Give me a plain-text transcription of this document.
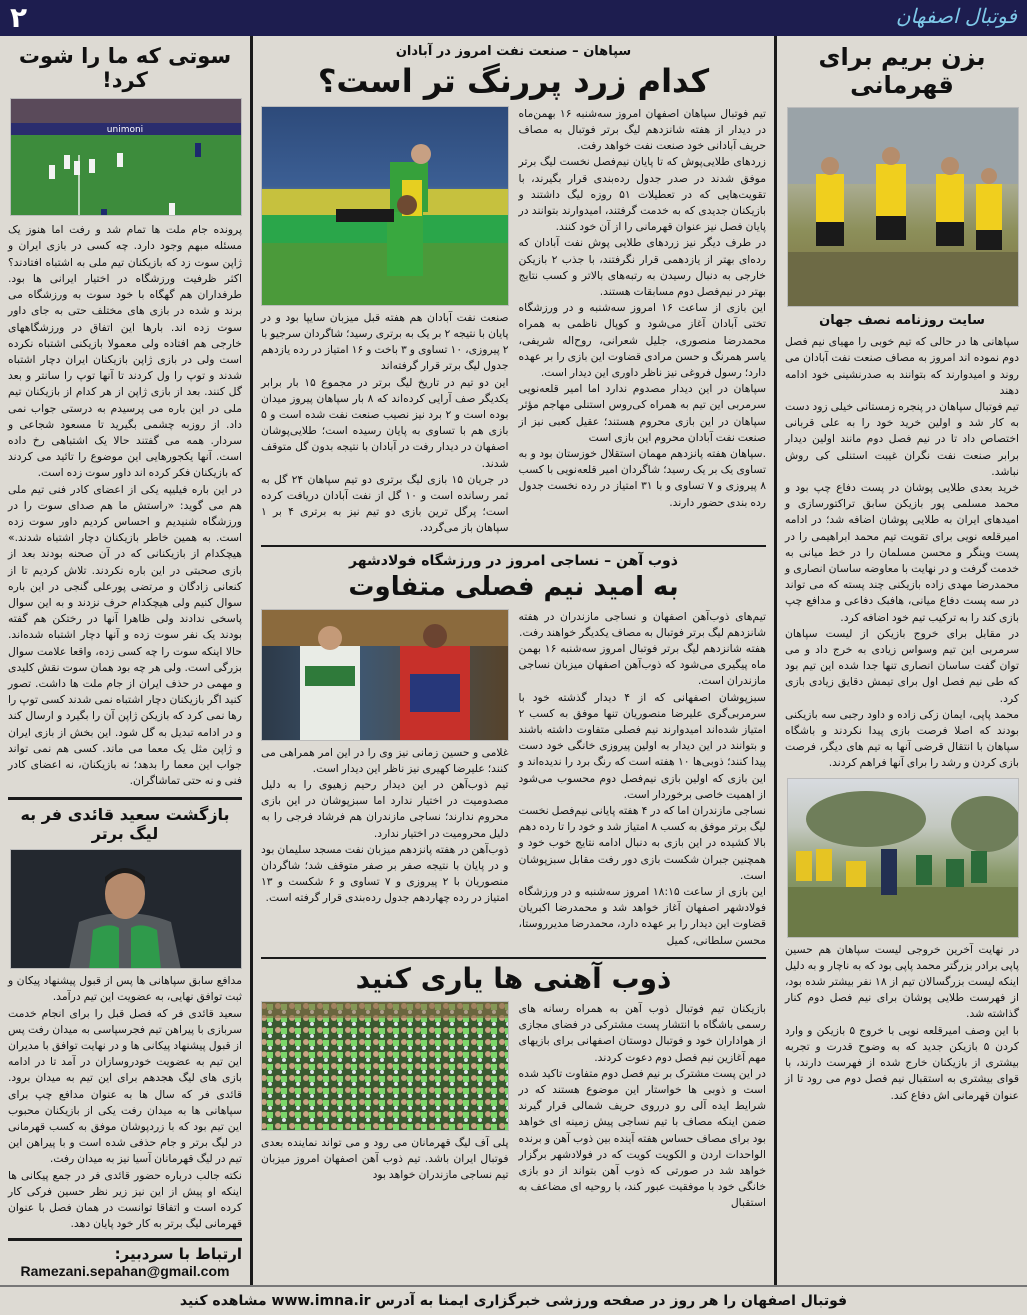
۲	فوتبال اصفهان
بزن بریم برای قهرمانی
سایت روزنامه نصف جهان

سپاهانی ها در حالی که تیم خوبی را مهیای نیم فصل دوم نموده اند امروز به مصاف صنعت نفت آبادان می روند و امیدوارند که بتوانند به صدرنشینی خود ادامه دهند

تیم فوتبال سپاهان در پنجره زمستانی خیلی زود دست به کار شد و اولین خرید خود را به علی قربانی اختصاص داد تا در نیم فصل دوم مانند اولین دیدار برابر صنعت نفت نگران غیبت استنلی کی روش نباشد.

خرید بعدی طلایی پوشان در پست دفاع چپ بود و محمد مسلمی پور بازیکن سابق تراکتورسازی و امیدهای ایران به طلایی پوشان اضافه شد؛ در ادامه امیرقلعه نویی برای تقویت تیم محمد ابراهیمی را در پست وینگر و محسن مسلمان را در خط میانی به خدمت گرفت و در نهایت با معاوضه ساسان انصاری و محمدرضا مهدی زاده بازیکنی چند پسته که می تواند در سه پست دفاع میانی، هافبک دفاعی و مدافع چپ بازی کند را به ترکیب تیم خود اضافه کرد.

در مقابل برای خروج بازیکن از لیست سپاهان سرمربی این تیم وسواس زیادی به خرج داد و می توان گفت ساسان انصاری تنها جدا شده این تیم بود که طی نیم فصل اول برای تیمش دقایق زیادی بازی کرد.

محمد پاپی، ایمان زکی زاده و داود رجبی سه بازیکنی بودند که اصلا فرصت بازی پیدا نکردند و باشگاه سپاهان با انتقال قرضی آنها به تیم های دیگر، فرصت بازی کردن و رشد را برای آنها فراهم کردند.

در نهایت آخرین خروجی لیست سپاهان هم حسین پاپی برادر بزرگتر محمد پاپی بود که به ناچار و به دلیل اینکه لیست بزرگسالان تیم از ۱۸ نفر بیشتر شده بود، از فهرست طلایی پوشان برای نیم فصل دوم کنار گذاشته شد.

با این وصف امیرقلعه نویی با خروج ۵ بازیکن و وارد کردن ۵ بازیکن جدید که به وضوح قدرت و تجربه بیشتری از بازیکنان خارج شده از فهرست دارند، با قوای بیشتری به استقبال نیم فصل دوم می رود تا از عنوان قهرمانی اش دفاع کند.

سپاهان – صنعت نفت امروز در آبادان
کدام زرد پررنگ تر است؟

تیم فوتبال سپاهان اصفهان امروز سه‌شنبه ۱۶ بهمن‌ماه در دیدار از هفته شانزدهم لیگ برتر فوتبال به مصاف حریف آبادانی خود صنعت نفت خواهد رفت.

زردهای طلایی‌پوش که تا پایان نیم‌فصل نخست لیگ برتر موفق شدند در صدر جدول رده‌بندی قرار بگیرند، با تقویت‌هایی که در تعطیلات ۵۱ روزه لیگ داشتند و بازیکنان جدیدی که به خدمت گرفتند، امیدوارند بتوانند در پایان فصل نیز عنوان قهرمانی را از آن خود کنند.

در طرف دیگر نیز زردهای طلایی پوش نفت آبادان که رده‌ای بهتر از یازدهمی قرار نگرفتند، با جذب ۲ بازیکن خارجی به دنبال رسیدن به رتبه‌های بالاتر و کسب نتایج بهتر در نیم‌فصل دوم مسابقات هستند.

این بازی از ساعت ۱۶ امروز سه‌شنبه و در ورزشگاه تختی آبادان آغاز می‌شود و کوپال ناظمی به همراه محمدرضا منصوری، جلیل شعرانی، روح‌اله شریفی، یاسر همرنگ و حسن مرادی قضاوت این بازی را بر عهده دارد؛ رسول فروغی نیز ناظر داوری این دیدار است.

سپاهان در این دیدار مصدوم ندارد اما امیر قلعه‌نویی سرمربی این تیم به همراه کی‌روس استنلی مهاجم مؤثر سپاهان در این بازی محروم هستند؛ عقیل کعبی نیز از صنعت نفت آبادان محروم این بازی است

.سپاهان هفته پانزدهم مهمان استقلال خوزستان بود و به تساوی یک بر یک رسید؛ شاگردان امیر قلعه‌نویی با کسب ۸ پیروزی و ۷ تساوی و با ۳۱ امتیاز در رده نخست جدول رده بندی حضور دارند.

صنعت نفت آبادان هم هفته قبل میزبان سایپا بود و در پایان با نتیجه ۲ بر یک به برتری رسید؛ شاگردان سرجیو با ۲ پیروزی، ۱۰ تساوی و ۳ باخت و ۱۶ امتیاز در رده یازدهم جدول لیگ برتر قرار گرفته‌اند

این دو تیم در تاریخ لیگ برتر در مجموع ۱۵ بار برابر یکدیگر صف آرایی کرده‌اند که ۸ بار سپاهان پیروز میدان بوده است و ۲ برد نیز نصیب صنعت نفت شده است و ۵ بازی هم با تساوی به پایان رسیده است؛ طلایی‌پوشان اصفهان در دیدار رفت در آبادان با نتیجه بدون گل متوقف شدند.

در جریان ۱۵ بازی لیگ برتری دو تیم سپاهان ۲۴ گل به ثمر رسانده است و ۱۰ گل از نفت آبادان دریافت کرده است؛ پرگل ترین بازی دو تیم نیز به برتری ۴ بر ۱ سپاهان باز می‌گردد.

ذوب آهن – نساجی امروز در ورزشگاه فولادشهر
به امید نیم فصلی متفاوت

تیم‌های ذوب‌آهن اصفهان و نساجی مازندران در هفته شانزدهم لیگ برتر فوتبال به مصاف یکدیگر خواهند رفت.

هفته شانزدهم لیگ برتر فوتبال امروز سه‌شنبه ۱۶ بهمن ماه پیگیری می‌شود که ذوب‌آهن اصفهان میزبان نساجی مازندران است.

سبزپوشان اصفهانی که از ۴ دیدار گذشته خود با سرمربی‌گری علیرضا منصوریان تنها موفق به کسب ۲ امتیاز شده‌اند امیدوارند نیم فصلی متفاوت داشته باشند و بتوانند در این دیدار به اولین پیروزی خانگی خود دست پیدا کنند؛ ذوبی‌ها ۱۰ هفته است که رنگ برد را ندیده‌اند و این بازی که اولین بازی نیم‌فصل دوم محسوب می‌شود از اهمیت خاصی برخوردار است.

نساجی مازندران اما که در ۴ هفته پایانی نیم‌فصل نخست لیگ برتر موفق به کسب ۸ امتیاز شد و خود را تا رده دهم بالا کشیده در این بازی به دنبال ادامه نتایج خوب خود و همچنین جبران شکست بازی دور رفت مقابل سبزپوشان است.

این بازی از ساعت ۱۸:۱۵ امروز سه‌شنبه و در ورزشگاه فولادشهر اصفهان آغاز خواهد شد و محمدرضا اکبریان قضاوت این دیدار را بر عهده دارد، محمدرضا مدیرروستا، محسن سلطانی، کمیل

غلامی و حسین زمانی نیز وی را در این امر همراهی می کنند؛ علیرضا کهیری نیز ناظر این دیدار است.

تیم ذوب‌آهن در این دیدار رحیم زهیوی را به دلیل مصدومیت در اختیار ندارد اما سبزپوشان در این بازی محروم ندارند؛ نساجی مازندران هم فرشاد فرجی را به دلیل محرومیت در اختیار ندارد.

ذوب‌آهن در هفته پانزدهم میزبان نفت مسجد سلیمان بود و در پایان با نتیجه صفر بر صفر متوقف شد؛ شاگردان منصوریان با ۲ پیروزی و ۷ تساوی و ۶ شکست و ۱۳ امتیاز در رده چهاردهم جدول رده‌بندی قرار گرفته است.

ذوب آهنی ها یاری کنید

بازیکنان تیم فوتبال ذوب آهن به همراه رسانه های رسمی باشگاه با انتشار پست مشترکی در فضای مجازی از هواداران خود و فوتبال دوستان اصفهانی برای بازیهای مهم آغازین نیم فصل دوم دعوت کردند.

در این پست مشترک بر نیم فصل دوم متفاوت تاکید شده است و ذوبی ها خواستار این موضوع هستند که در شرایط ایده آلی رو درروی حریف شمالی قرار گیرند ضمن اینکه مصاف با تیم نساجی پیش زمینه ای خواهد بود برای مصاف حساس هفته آینده بین ذوب آهن و برنده الواحدات اردن و الکویت کویت که در فولادشهر برگزار خواهد شد در صورتی که ذوب آهن بتواند از دو بازی خانگی خود با موفقیت عبور کند، با روحیه ای مضاعف به استقبال

پلی آف لیگ قهرمانان می رود و می تواند نماینده بعدی فوتبال ایران باشد. تیم ذوب آهن اصفهان امروز میزبان تیم نساجی مازندران خواهد بود
سوتی که ما را شوت کرد!
unimoni

پرونده جام ملت ها تمام شد و رفت اما هنوز یک مسئله مبهم وجود دارد. چه کسی در بازی ایران و ژاپن سوت زد که بازیکنان تیم ملی به اشتباه افتادند؟ اکثر ظرفیت ورزشگاه در اختیار ایرانی ها بود. طرفداران هم گهگاه با خود سوت به ورزشگاه می برند و شده در بازی های مختلف حتی به جای داور سوت زده اند. بارها این اتفاق در ورزشگاههای خارجی هم افتاده ولی معمولا بازیکنی اشتباه نکرده است ولی در بازی ژاپن بازیکنان ایران دچار اشتباه شدند و توپ را ول کردند تا آنها توپ را سانتر و بعد گل کنند. بعد از بازی ژاپن از هر کدام از بازیکنان تیم ملی در این باره می پرسیدم به درستی جواب نمی داد. از روزبه چشمی بگیرید تا مسعود شجاعی و سردار. همه می گفتند حالا یک اشتباهی رخ داده است. آنها یکجورهایی این موضوع را تائید می کردند که بازیکنان فکر کرده اند داور سوت زده است.

در این باره فیلیپه یکی از اعضای کادر فنی تیم ملی هم می گوید: «راستش ما هم صدای سوت را در ورزشگاه شنیدیم و احساس کردیم داور سوت زده است. به همین خاطر بازیکنان دچار اشتباه شدند.» هیچکدام از بازیکنانی که در آن صحنه بودند بعد از بازی صحبتی در این باره نکردند. تلاش کردیم تا از کنعانی زادگان و مرتضی پورعلی گنجی در این باره سوال کنیم ولی هیچکدام حرف نزدند و به این سوال پاسخی ندادند ولی ظاهرا آنها در رختکن هم گفته بودند یک نفر سوت زده و آنها دچار اشتباه شده‌اند. حالا اینکه سوت را چه کسی زده، واقعا علامت سوال بزرگی است. ولی هر چه بود همان سوت نقش کلیدی و مهمی در حذف ایران از جام ملت ها داشت. تصور کنید اگر بازیکنان دچار اشتباه نمی شدند کسی توپ را رها نمی کرد که بازیکن ژاپن آن را بگیرد و ارسال کند و در ادامه تبدیل به گل شود. این بخش از بازی ایران و ژاپن مثل یک معما می ماند. کسی هم نمی تواند جواب این معما را بدهد؛ نه بازیکنان، نه اعضای کادر فنی و نه حتی تماشاگران.

بازگشت سعید قائدی فر به لیگ برتر

مدافع سابق سپاهانی ها پس از قبول پیشنهاد پیکان و ثبت توافق نهایی، به عضویت این تیم درآمد.

سعید قائدی فر که فصل قبل را برای انجام خدمت سربازی با پیراهن تیم فجرسپاسی به میدان رفت پس از قبول پیشنهاد پیکانی ها و در نهایت توافق با مدیران این تیم به عضویت خودروسازان در آمد تا در ادامه بازی های لیگ هجدهم برای این تیم به میدان برود. قائدی فر که سال ها به عنوان مدافع چپ برای سپاهانی ها به میدان رفت یکی از بازیکنان محبوب این تیم بود که با زردپوشان موفق به کسب قهرمانی در لیگ برتر و جام حذفی شده است و با پیراهن این تیم در لیگ قهرمانان آسیا نیز به میدان رفت.

نکته جالب درباره حضور قائدی فر در جمع پیکانی ها اینکه او پیش از این نیز زیر نظر حسین فرکی کار کرده است و اتفاقا توانست در همان فصل با عنوان قهرمانی لیگ برتر به کار خود پایان دهد.

ارتباط با سردبیر:
Ramezani.sepahan@gmail.com
فوتبال اصفهان را هر روز در صفحه ورزشی خبرگزاری ایمنا به آدرس www.imna.ir مشاهده کنید
